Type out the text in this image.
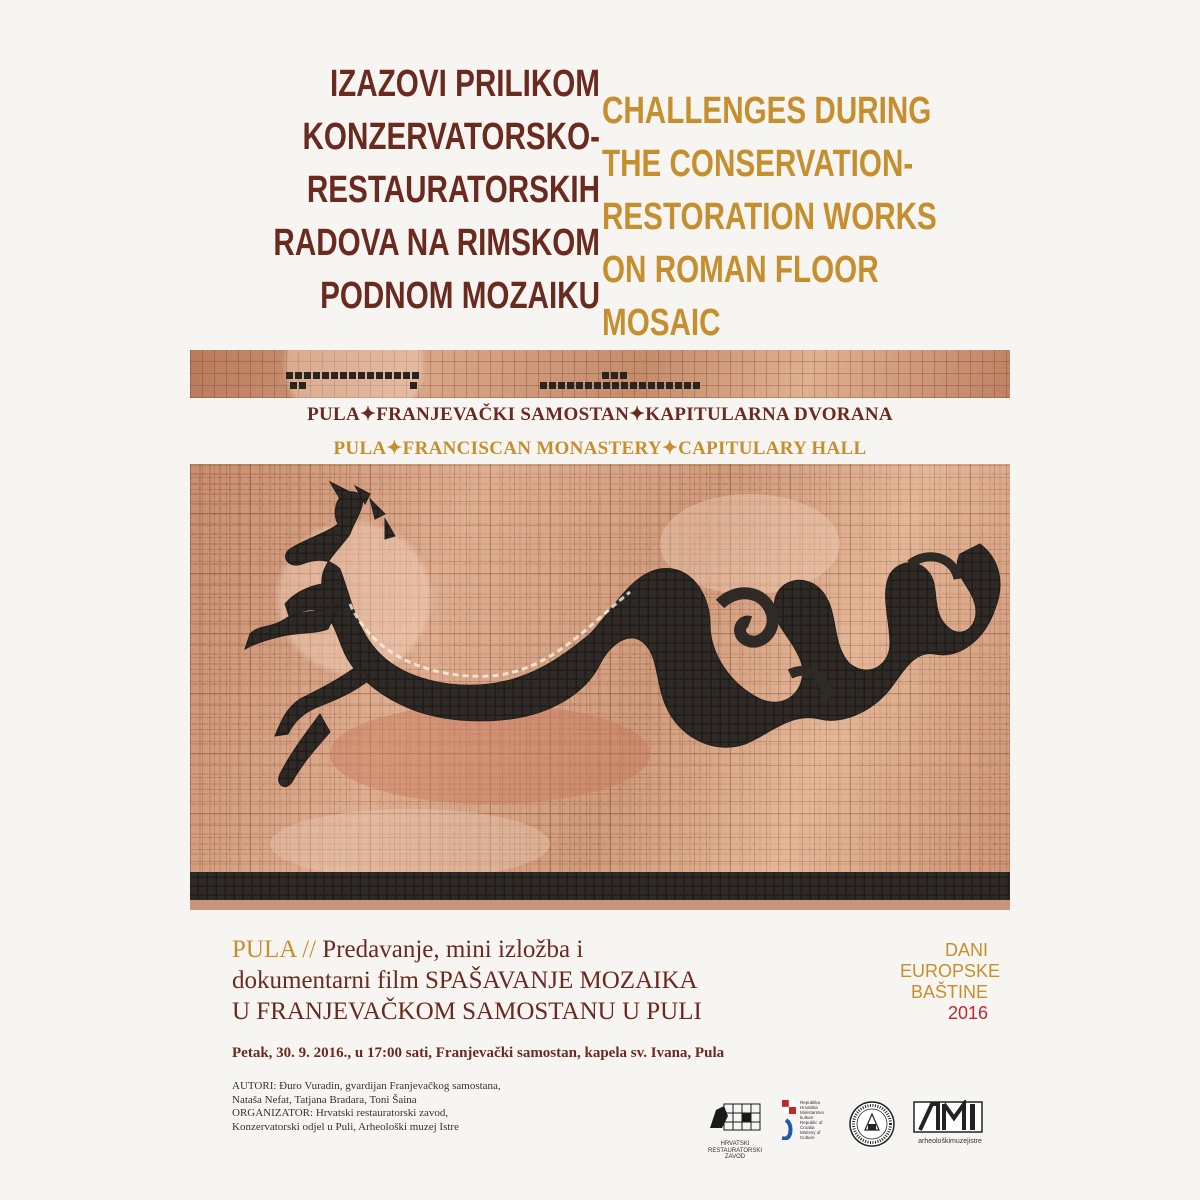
IZAZOVI PRILIKOM
KONZERVATORSKO-
RESTAURATORSKIH
RADOVA NA RIMSKOM
PODNOM MOZAIKU
CHALLENGES DURING
THE CONSERVATION-
RESTORATION WORKS
ON ROMAN FLOOR
MOSAIC
PULA✦FRANJEVAČKI SAMOSTAN✦KAPITULARNA DVORANA
PULA✦FRANCISCAN MONASTERY✦CAPITULARY HALL
PULA // Predavanje, mini izložba i
dokumentarni film SPAŠAVANJE MOZAIKA
U FRANJEVAČKOM SAMOSTANU U PULI
Petak, 30. 9. 2016., u 17:00 sati, Franjevački samostan, kapela sv. Ivana, Pula
AUTORI: Đuro Vuradin, gvardijan Franjevačkog samostana,
Nataša Nefat, Tatjana Bradara, Toni Šaina
ORGANIZATOR: Hrvatski restauratorski zavod,
Konzervatorski odjel u Puli, Arheološki muzej Istre
DANI
EUROPSKE
BAŠTINE
2016
HRVATSKI
RESTAURATORSKI
ZAVOD
Republika Hrvatska Ministarstvo kulture Republic of Croatia Ministry of Culture
arheološkimuzejistre
